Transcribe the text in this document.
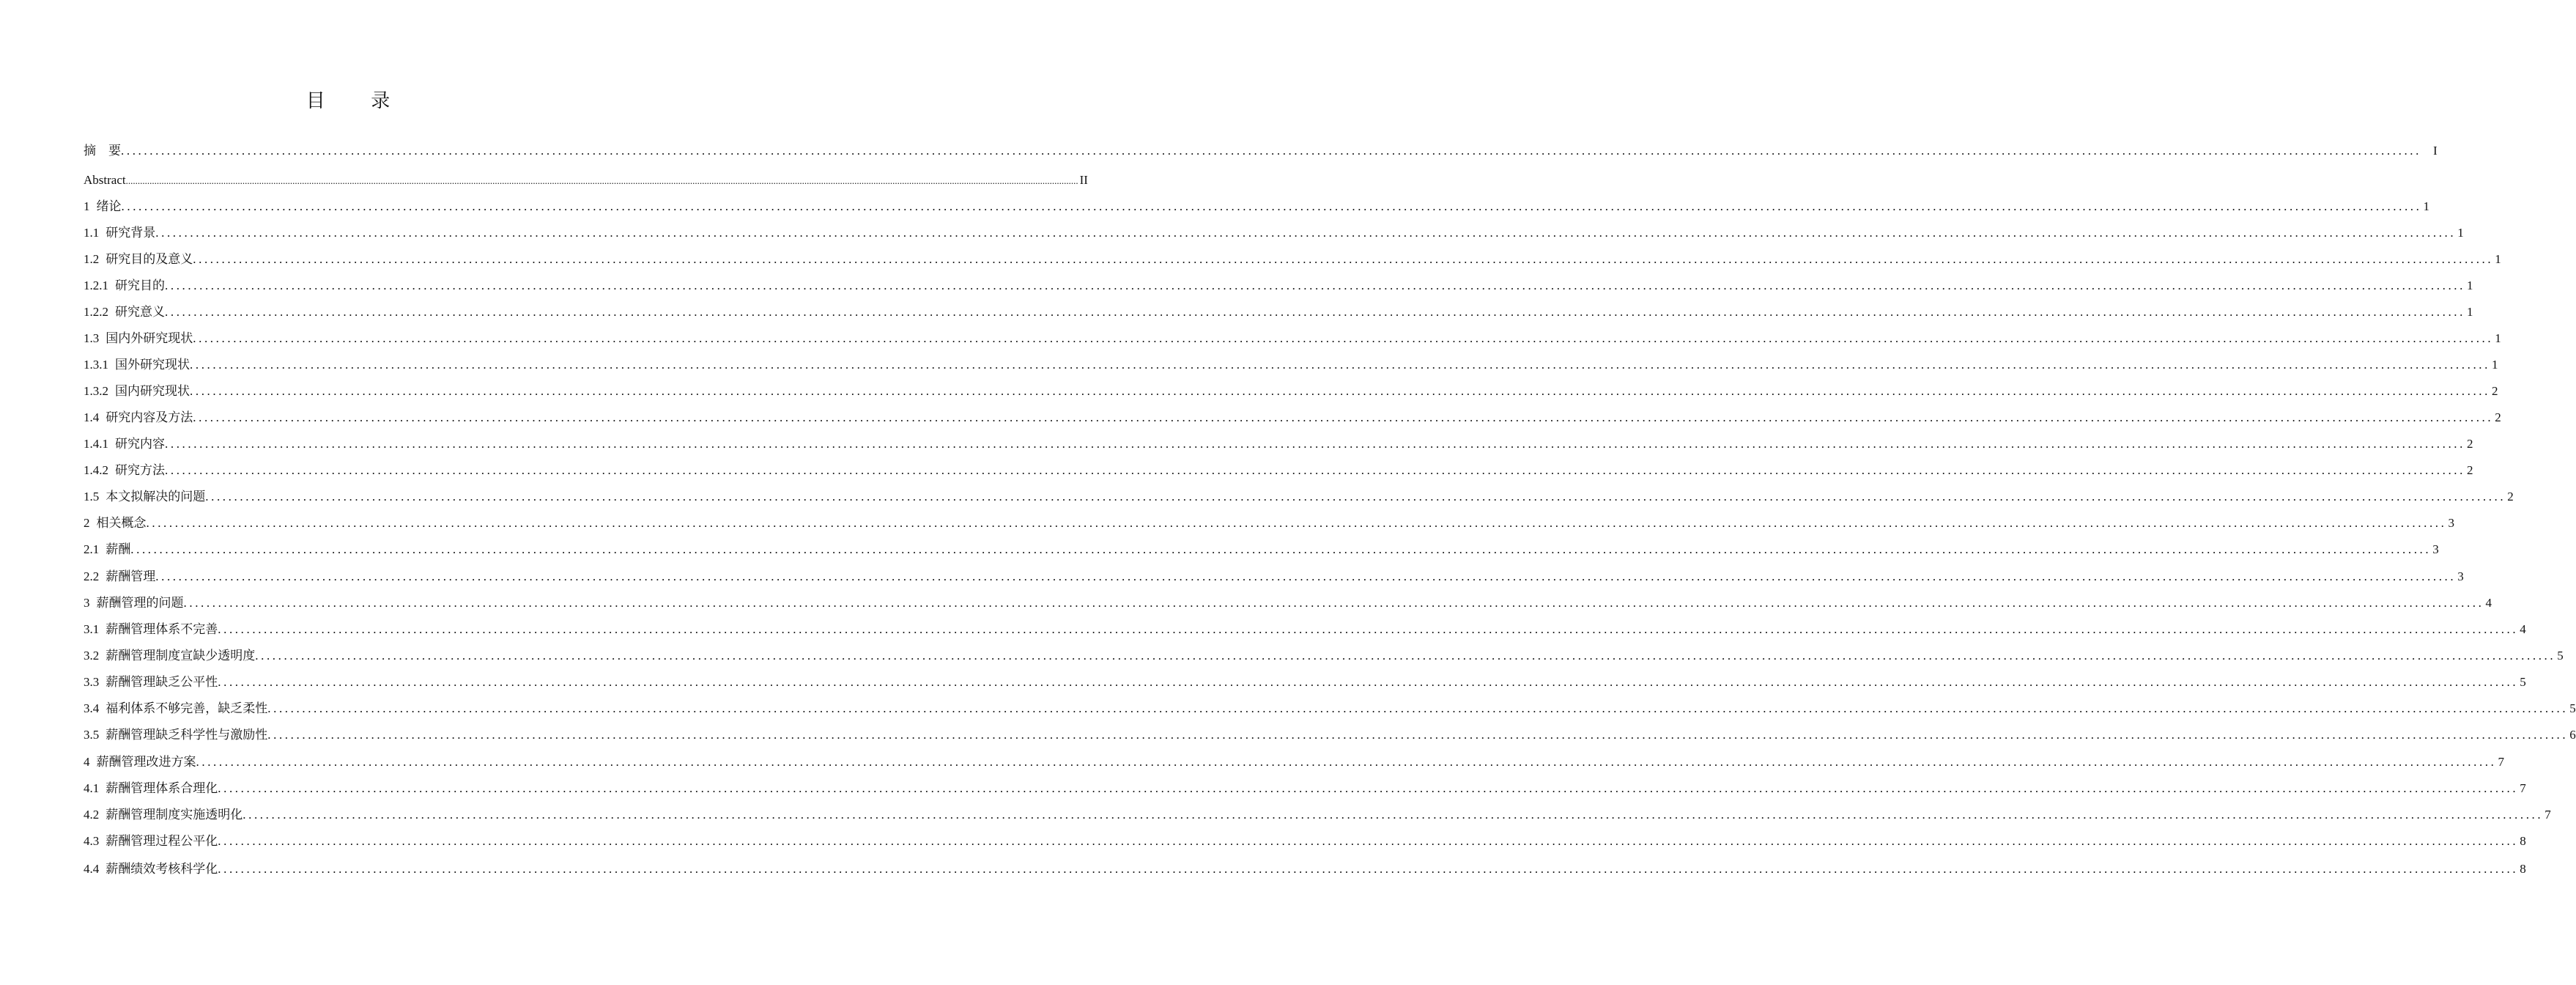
目 录
摘　要 ................................................................................................................................................................................................................................................................................................................................................................................................................ I
Abstract ................................................................................................................................................................................................................................................................................................................................................................................................................ II
1 绪论 ................................................................................................................................................................................................................................................................................................................................................................................................................ 1
1.1 研究背景 ................................................................................................................................................................................................................................................................................................................................................................................................................ 1
1.2 研究目的及意义 ................................................................................................................................................................................................................................................................................................................................................................................................................ 1
1.2.1 研究目的 ................................................................................................................................................................................................................................................................................................................................................................................................................ 1
1.2.2 研究意义 ................................................................................................................................................................................................................................................................................................................................................................................................................ 1
1.3 国内外研究现状 ................................................................................................................................................................................................................................................................................................................................................................................................................ 1
1.3.1 国外研究现状 ................................................................................................................................................................................................................................................................................................................................................................................................................ 1
1.3.2 国内研究现状 ................................................................................................................................................................................................................................................................................................................................................................................................................ 2
1.4 研究内容及方法 ................................................................................................................................................................................................................................................................................................................................................................................................................ 2
1.4.1 研究内容 ................................................................................................................................................................................................................................................................................................................................................................................................................ 2
1.4.2 研究方法 ................................................................................................................................................................................................................................................................................................................................................................................................................ 2
1.5 本文拟解决的问题 ................................................................................................................................................................................................................................................................................................................................................................................................................ 2
2 相关概念 ................................................................................................................................................................................................................................................................................................................................................................................................................ 3
2.1 薪酬 ................................................................................................................................................................................................................................................................................................................................................................................................................ 3
2.2 薪酬管理 ................................................................................................................................................................................................................................................................................................................................................................................................................ 3
3 薪酬管理的问题 ................................................................................................................................................................................................................................................................................................................................................................................................................ 4
3.1 薪酬管理体系不完善 ................................................................................................................................................................................................................................................................................................................................................................................................................ 4
3.2 薪酬管理制度宣缺少透明度 ................................................................................................................................................................................................................................................................................................................................................................................................................ 5
3.3 薪酬管理缺乏公平性 ................................................................................................................................................................................................................................................................................................................................................................................................................ 5
3.4 福利体系不够完善，缺乏柔性 ................................................................................................................................................................................................................................................................................................................................................................................................................ 5
3.5 薪酬管理缺乏科学性与激励性 ................................................................................................................................................................................................................................................................................................................................................................................................................ 6
4 薪酬管理改进方案 ................................................................................................................................................................................................................................................................................................................................................................................................................ 7
4.1 薪酬管理体系合理化 ................................................................................................................................................................................................................................................................................................................................................................................................................ 7
4.2 薪酬管理制度实施透明化 ................................................................................................................................................................................................................................................................................................................................................................................................................ 7
4.3 薪酬管理过程公平化 ................................................................................................................................................................................................................................................................................................................................................................................................................ 8
4.4 薪酬绩效考核科学化 ................................................................................................................................................................................................................................................................................................................................................................................................................ 8
